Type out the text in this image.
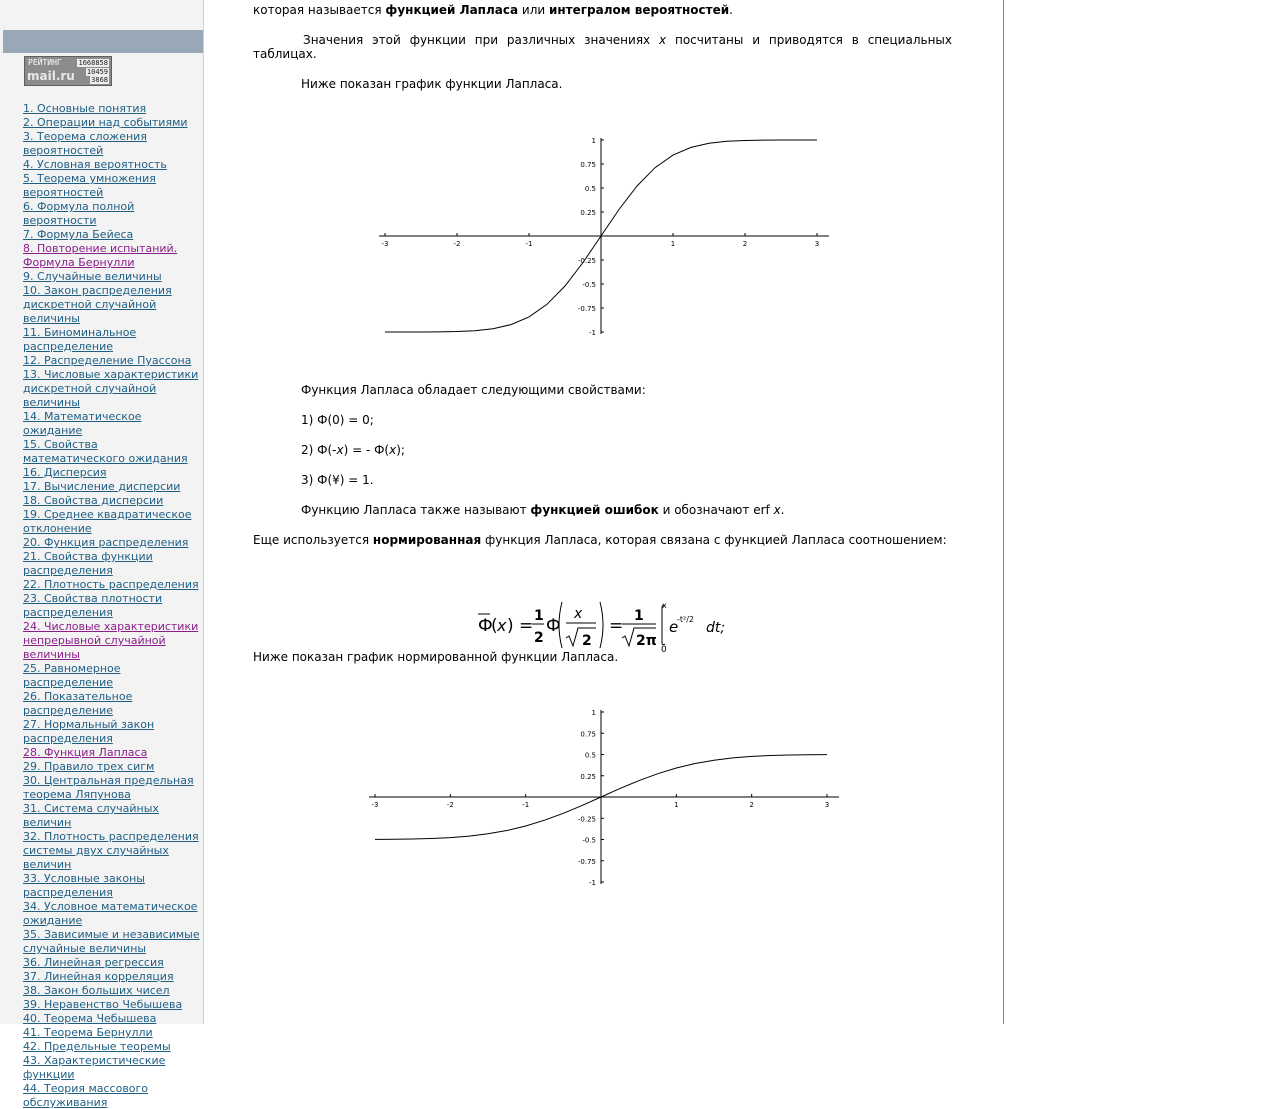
РЕЙТИНГ
mail.ru
1668858
10459
3868
1. Основные понятия
2. Операции над событиями
3. Теорема сложения вероятностей
4. Условная вероятность
5. Теорема умножения вероятностей
6. Формула полной вероятности
7. Формула Бейеса
8. Повторение испытаний. Формула Бернулли
9. Случайные величины
10. Закон распределения дискретной случайной величины
11. Биноминальное распределение
12. Распределение Пуассона
13. Числовые характеристики дискретной случайной величины
14. Математическое ожидание
15. Свойства математического ожидания
16. Дисперсия
17. Вычисление дисперсии
18. Свойства дисперсии
19. Среднее квадратическое отклонение
20. Функция распределения
21. Свойства функции распределения
22. Плотность распределения
23. Свойства плотности распределения
24. Числовые характеристики непрерывной случайной величины
25. Равномерное распределение
26. Показательное распределение
27. Нормальный закон распределения
28. Функция Лапласа
29. Правило трех сигм
30. Центральная предельная теорема Ляпунова
31. Система случайных величин
32. Плотность распределения системы двух случайных величин
33. Условные законы распределения
34. Условное математическое ожидание
35. Зависимые и независимые случайные величины
36. Линейная регрессия
37. Линейная корреляция
38. Закон больших чисел
39. Неравенство Чебышева
40. Теорема Чебышева
41. Теорема Бернулли
42. Предельные теоремы
43. Характеристические функции
44. Теория массового обслуживания

которая называется функцией Лапласа или интегралом вероятностей.

Значения этой функции при различных значениях x посчитаны и приводятся в специальных таблицах.

Ниже показан график функции Лапласа.

-3	-2	-1	1	2	3
1
0.75
0.5
0.25
-0.25
-0.5
-0.75
-1

Функция Лапласа обладает следующими свойствами:

1) Ф(0) = 0;

2) Ф(-x) = - Ф(x);

3) Ф(¥) = 1.

Функцию Лапласа также называют функцией ошибок и обозначают erf x.

Еще используется нормированная функция Лапласа, которая связана с функцией Лапласа соотношением:

Ф
( x ) = 1
2
Ф
x
2
= 1
2π
x
0
e
-t²/2
dt;

Ниже показан график нормированной функции Лапласа.

-3	-2	-1	1	2	3
1
0.75
0.5
0.25
-0.25
-0.5
-0.75
-1
